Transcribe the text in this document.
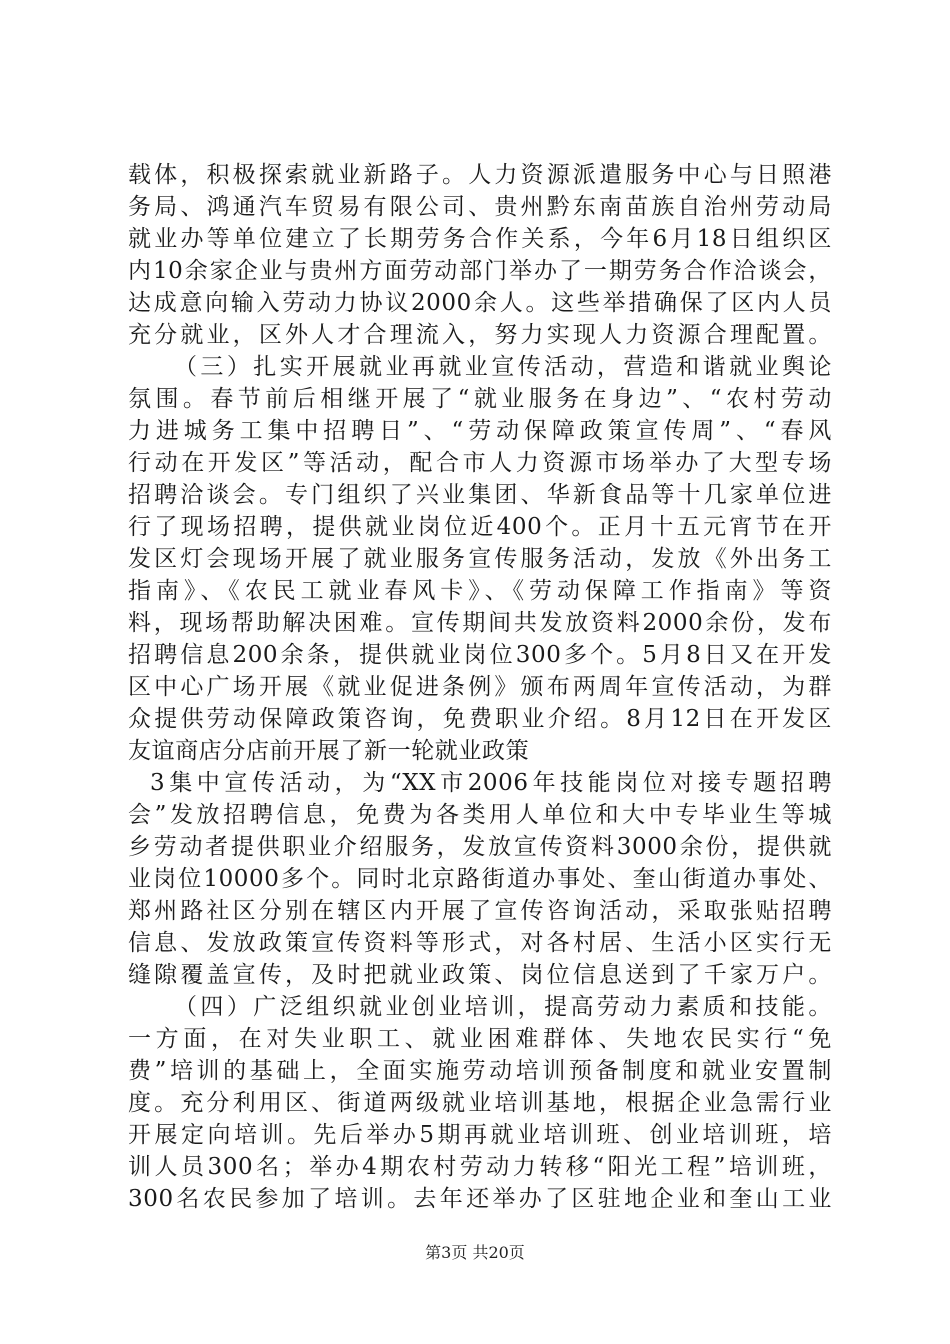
载体，积极探索就业新路子。人力资源派遣服务中心与日照港
务局、鸿通汽车贸易有限公司、贵州黔东南苗族自治州劳动局
就业办等单位建立了长期劳务合作关系，今年6月18日组织区
内10余家企业与贵州方面劳动部门举办了一期劳务合作洽谈会，
达成意向输入劳动力协议2000余人。这些举措确保了区内人员
充分就业，区外人才合理流入，努力实现人力资源合理配置。
（三）扎实开展就业再就业宣传活动，营造和谐就业舆论
氛围。春节前后相继开展了“就业服务在身边”、“农村劳动
力进城务工集中招聘日”、“劳动保障政策宣传周”、“春风
行动在开发区”等活动，配合市人力资源市场举办了大型专场
招聘洽谈会。专门组织了兴业集团、华新食品等十几家单位进
行了现场招聘，提供就业岗位近400个。正月十五元宵节在开
发区灯会现场开展了就业服务宣传服务活动，发放《外出务工
指南》、《农民工就业春风卡》、《劳动保障工作指南》等资
料，现场帮助解决困难。宣传期间共发放资料2000余份，发布
招聘信息200余条，提供就业岗位300多个。5月8日又在开发
区中心广场开展《就业促进条例》颁布两周年宣传活动，为群
众提供劳动保障政策咨询，免费职业介绍。8月12日在开发区
友谊商店分店前开展了新一轮就业政策
3集中宣传活动，为“XX市2006年技能岗位对接专题招聘
会”发放招聘信息，免费为各类用人单位和大中专毕业生等城
乡劳动者提供职业介绍服务，发放宣传资料3000余份，提供就
业岗位10000多个。同时北京路街道办事处、奎山街道办事处、
郑州路社区分别在辖区内开展了宣传咨询活动，采取张贴招聘
信息、发放政策宣传资料等形式，对各村居、生活小区实行无
缝隙覆盖宣传，及时把就业政策、岗位信息送到了千家万户。
（四）广泛组织就业创业培训，提高劳动力素质和技能。
一方面，在对失业职工、就业困难群体、失地农民实行“免
费”培训的基础上，全面实施劳动培训预备制度和就业安置制
度。充分利用区、街道两级就业培训基地，根据企业急需行业
开展定向培训。先后举办5期再就业培训班、创业培训班，培
训人员300名；举办4期农村劳动力转移“阳光工程”培训班，
300名农民参加了培训。去年还举办了区驻地企业和奎山工业
第3页 共20页
